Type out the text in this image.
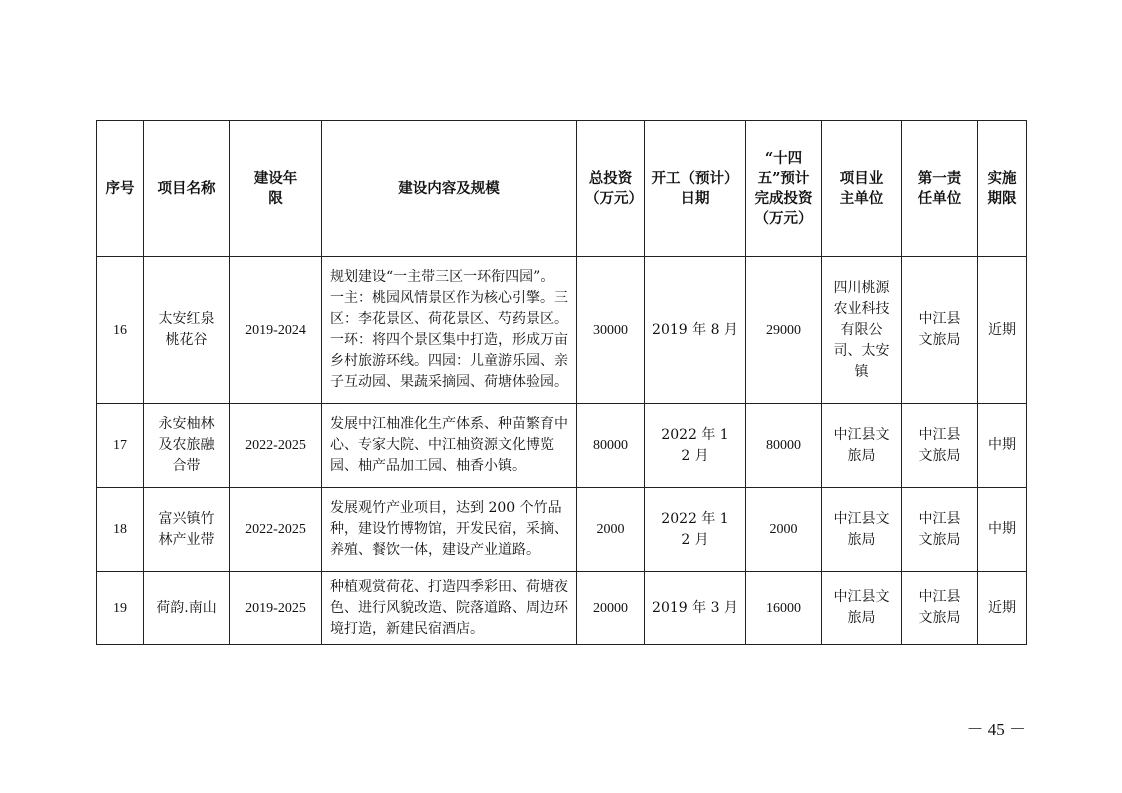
序号	项目名称	建设年限	建设内容及规模	总投资（万元）	开工（预计）日期	“十四五”预计完成投资（万元）	项目业主单位	第一责任单位	实施期限
16	太安红泉桃花谷	2019-2024	规划建设“一主带三区一环衔四园”。 一主：桃园风情景区作为核心引擎。三区：李花景区、荷花景区、芍药景区。一环：将四个景区集中打造，形成万亩乡村旅游环线。四园：儿童游乐园、亲子互动园、果蔬采摘园、荷塘体验园。	30000	2019 年 8 月	29000	四川桃源农业科技有限公司、太安镇	中江县文旅局	近期
17	永安柚林及农旅融合带	2022-2025	发展中江柚准化生产体系、种苗繁育中心、专家大院、中江柚资源文化博览园、柚产品加工园、柚香小镇。	80000	2022 年 12 月	80000	中江县文旅局	中江县文旅局	中期
18	富兴镇竹林产业带	2022-2025	发展观竹产业项目，达到 200 个竹品种，建设竹博物馆，开发民宿，采摘、养殖、餐饮一体，建设产业道路。	2000	2022 年 12 月	2000	中江县文旅局	中江县文旅局	中期
19	荷韵.南山	2019-2025	种植观赏荷花、打造四季彩田、荷塘夜色、进行风貌改造、院落道路、周边环境打造，新建民宿酒店。	20000	2019 年 3 月	16000	中江县文旅局	中江县文旅局	近期
－ 45 －
